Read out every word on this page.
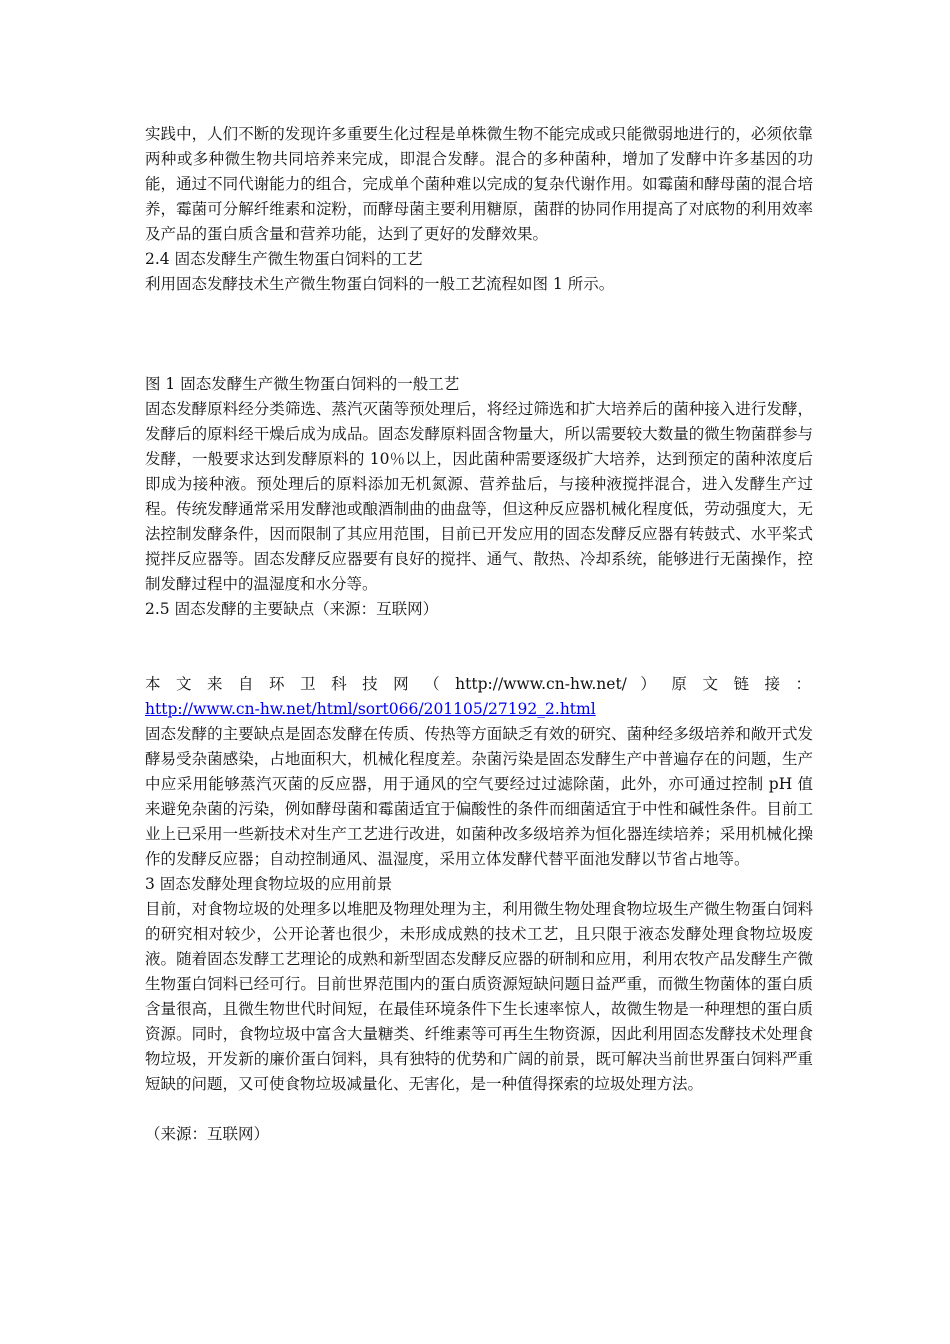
实践中，人们不断的发现许多重要生化过程是单株微生物不能完成或只能微弱地进行的，必须依靠两种或多种微生物共同培养来完成，即混合发酵。混合的多种菌种，增加了发酵中许多基因的功能，通过不同代谢能力的组合，完成单个菌种难以完成的复杂代谢作用。如霉菌和酵母菌的混合培养，霉菌可分解纤维素和淀粉，而酵母菌主要利用糖原，菌群的协同作用提高了对底物的利用效率及产品的蛋白质含量和营养功能，达到了更好的发酵效果。

2.4 固态发酵生产微生物蛋白饲料的工艺

利用固态发酵技术生产微生物蛋白饲料的一般工艺流程如图 1 所示。

图 1 固态发酵生产微生物蛋白饲料的一般工艺

固态发酵原料经分类筛选、蒸汽灭菌等预处理后，将经过筛选和扩大培养后的菌种接入进行发酵，发酵后的原料经干燥后成为成品。固态发酵原料固含物量大，所以需要较大数量的微生物菌群参与发酵，一般要求达到发酵原料的 10％以上，因此菌种需要逐级扩大培养，达到预定的菌种浓度后即成为接种液。预处理后的原料添加无机氮源、营养盐后，与接种液搅拌混合，进入发酵生产过程。传统发酵通常采用发酵池或酿酒制曲的曲盘等，但这种反应器机械化程度低，劳动强度大，无法控制发酵条件，因而限制了其应用范围，目前已开发应用的固态发酵反应器有转鼓式、水平桨式搅拌反应器等。固态发酵反应器要有良好的搅拌、通气、散热、冷却系统，能够进行无菌操作，控制发酵过程中的温湿度和水分等。

2.5 固态发酵的主要缺点（来源：互联网）

本文来自环卫科技网（http://www.cn-hw.net/）原文链接：

http://www.cn-hw.net/html/sort066/201105/27192_2.html

固态发酵的主要缺点是固态发酵在传质、传热等方面缺乏有效的研究、菌种经多级培养和敞开式发酵易受杂菌感染，占地面积大，机械化程度差。杂菌污染是固态发酵生产中普遍存在的问题，生产中应采用能够蒸汽灭菌的反应器，用于通风的空气要经过过滤除菌，此外，亦可通过控制 pH 值来避免杂菌的污染，例如酵母菌和霉菌适宜于偏酸性的条件而细菌适宜于中性和碱性条件。目前工业上已采用一些新技术对生产工艺进行改进，如菌种改多级培养为恒化器连续培养；采用机械化操作的发酵反应器；自动控制通风、温湿度，采用立体发酵代替平面池发酵以节省占地等。

3 固态发酵处理食物垃圾的应用前景

目前，对食物垃圾的处理多以堆肥及物理处理为主，利用微生物处理食物垃圾生产微生物蛋白饲料的研究相对较少，公开论著也很少，未形成成熟的技术工艺，且只限于液态发酵处理食物垃圾废液。随着固态发酵工艺理论的成熟和新型固态发酵反应器的研制和应用，利用农牧产品发酵生产微生物蛋白饲料已经可行。目前世界范围内的蛋白质资源短缺问题日益严重，而微生物菌体的蛋白质含量很高，且微生物世代时间短，在最佳环境条件下生长速率惊人，故微生物是一种理想的蛋白质资源。同时，食物垃圾中富含大量糖类、纤维素等可再生生物资源，因此利用固态发酵技术处理食物垃圾，开发新的廉价蛋白饲料，具有独特的优势和广阔的前景，既可解决当前世界蛋白饲料严重短缺的问题，又可使食物垃圾减量化、无害化，是一种值得探索的垃圾处理方法。

（来源：互联网）
